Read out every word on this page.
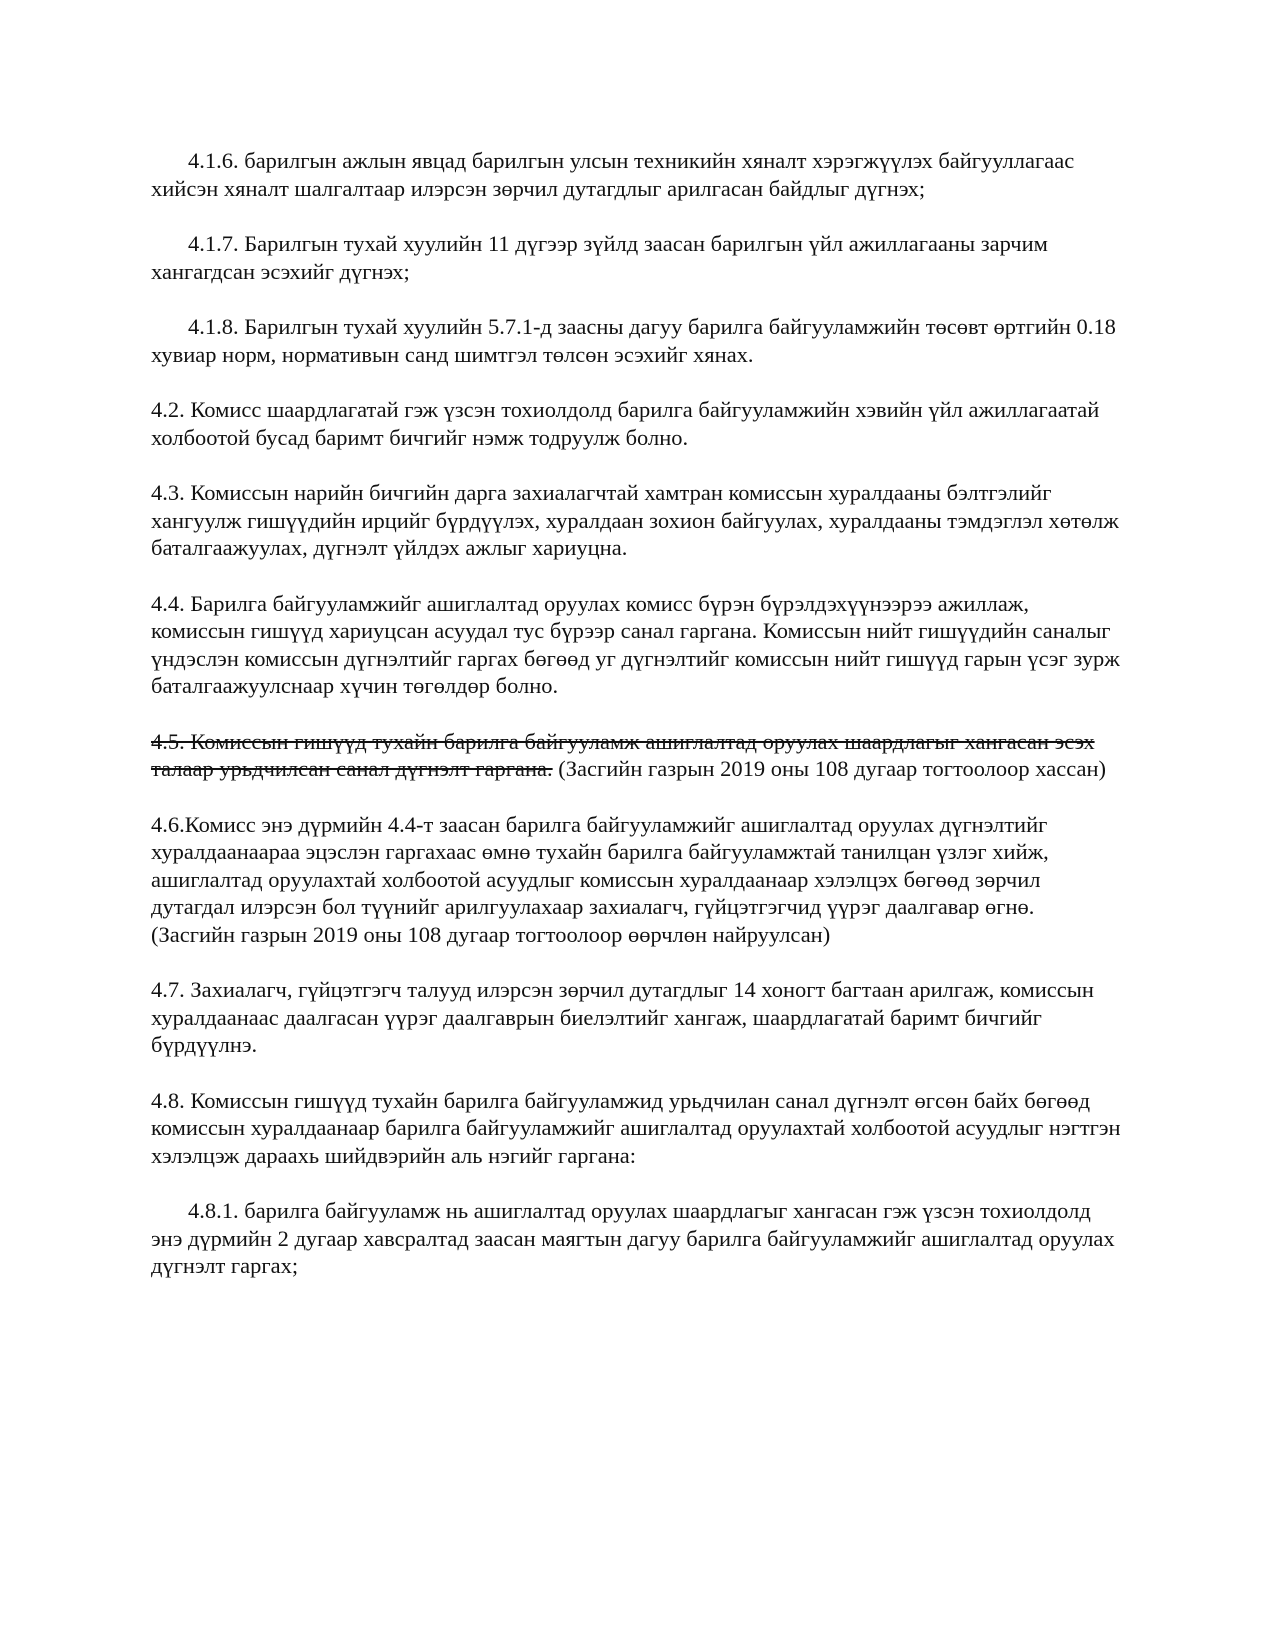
4.1.6. барилгын ажлын явцад барилгын улсын техникийн хяналт хэрэгжүүлэх байгууллагаас хийсэн хяналт шалгалтаар илэрсэн зөрчил дутагдлыг арилгасан байдлыг дүгнэх;

4.1.7. Барилгын тухай хуулийн 11 дүгээр зүйлд заасан барилгын үйл ажиллагааны зарчим хангагдсан эсэхийг дүгнэх;

4.1.8. Барилгын тухай хуулийн 5.7.1-д заасны дагуу барилга байгууламжийн төсөвт өртгийн 0.18 хувиар норм, нормативын санд шимтгэл төлсөн эсэхийг хянах.

4.2. Комисс шаардлагатай гэж үзсэн тохиолдолд барилга байгууламжийн хэвийн үйл ажиллагаатай холбоотой бусад баримт бичгийг нэмж тодруулж болно.

4.3. Комиссын нарийн бичгийн дарга захиалагчтай хамтран комиссын хуралдааны бэлтгэлийг хангуулж гишүүдийн ирцийг бүрдүүлэх, хуралдаан зохион байгуулах, хуралдааны тэмдэглэл хөтөлж баталгаажуулах, дүгнэлт үйлдэх ажлыг хариуцна.

4.4. Барилга байгууламжийг ашиглалтад оруулах комисс бүрэн бүрэлдэхүүнээрээ ажиллаж, комиссын гишүүд хариуцсан асуудал тус бүрээр санал гаргана. Комиссын нийт гишүүдийн саналыг үндэслэн комиссын дүгнэлтийг гаргах бөгөөд уг дүгнэлтийг комиссын нийт гишүүд гарын үсэг зурж баталгаажуулснаар хүчин төгөлдөр болно.

4.5. Комиссын гишүүд тухайн барилга байгууламж ашиглалтад оруулах шаардлагыг хангасан эсэх талаар урьдчилсан санал дүгнэлт гаргана. (Засгийн газрын 2019 оны 108 дугаар тогтоолоор хассан)

4.6.Комисс энэ дүрмийн 4.4-т заасан барилга байгууламжийг ашиглалтад оруулах дүгнэлтийг хуралдаанаараа эцэслэн гаргахаас өмнө тухайн барилга байгууламжтай танилцан үзлэг хийж, ашиглалтад оруулахтай холбоотой асуудлыг комиссын хуралдаанаар хэлэлцэх бөгөөд зөрчил дутагдал илэрсэн бол түүнийг арилгуулахаар захиалагч, гүйцэтгэгчид үүрэг даалгавар өгнө. (Засгийн газрын 2019 оны 108 дугаар тогтоолоор өөрчлөн найруулсан)

4.7. Захиалагч, гүйцэтгэгч талууд илэрсэн зөрчил дутагдлыг 14 хоногт багтаан арилгаж, комиссын хуралдаанаас даалгасан үүрэг даалгаврын биелэлтийг хангаж, шаардлагатай баримт бичгийг бүрдүүлнэ.

4.8. Комиссын гишүүд тухайн барилга байгууламжид урьдчилан санал дүгнэлт өгсөн байх бөгөөд комиссын хуралдаанаар барилга байгууламжийг ашиглалтад оруулахтай холбоотой асуудлыг нэгтгэн хэлэлцэж дараахь шийдвэрийн аль нэгийг гаргана:

4.8.1. барилга байгууламж нь ашиглалтад оруулах шаардлагыг хангасан гэж үзсэн тохиолдолд энэ дүрмийн 2 дугаар хавсралтад заасан маягтын дагуу барилга байгууламжийг ашиглалтад оруулах дүгнэлт гаргах;
